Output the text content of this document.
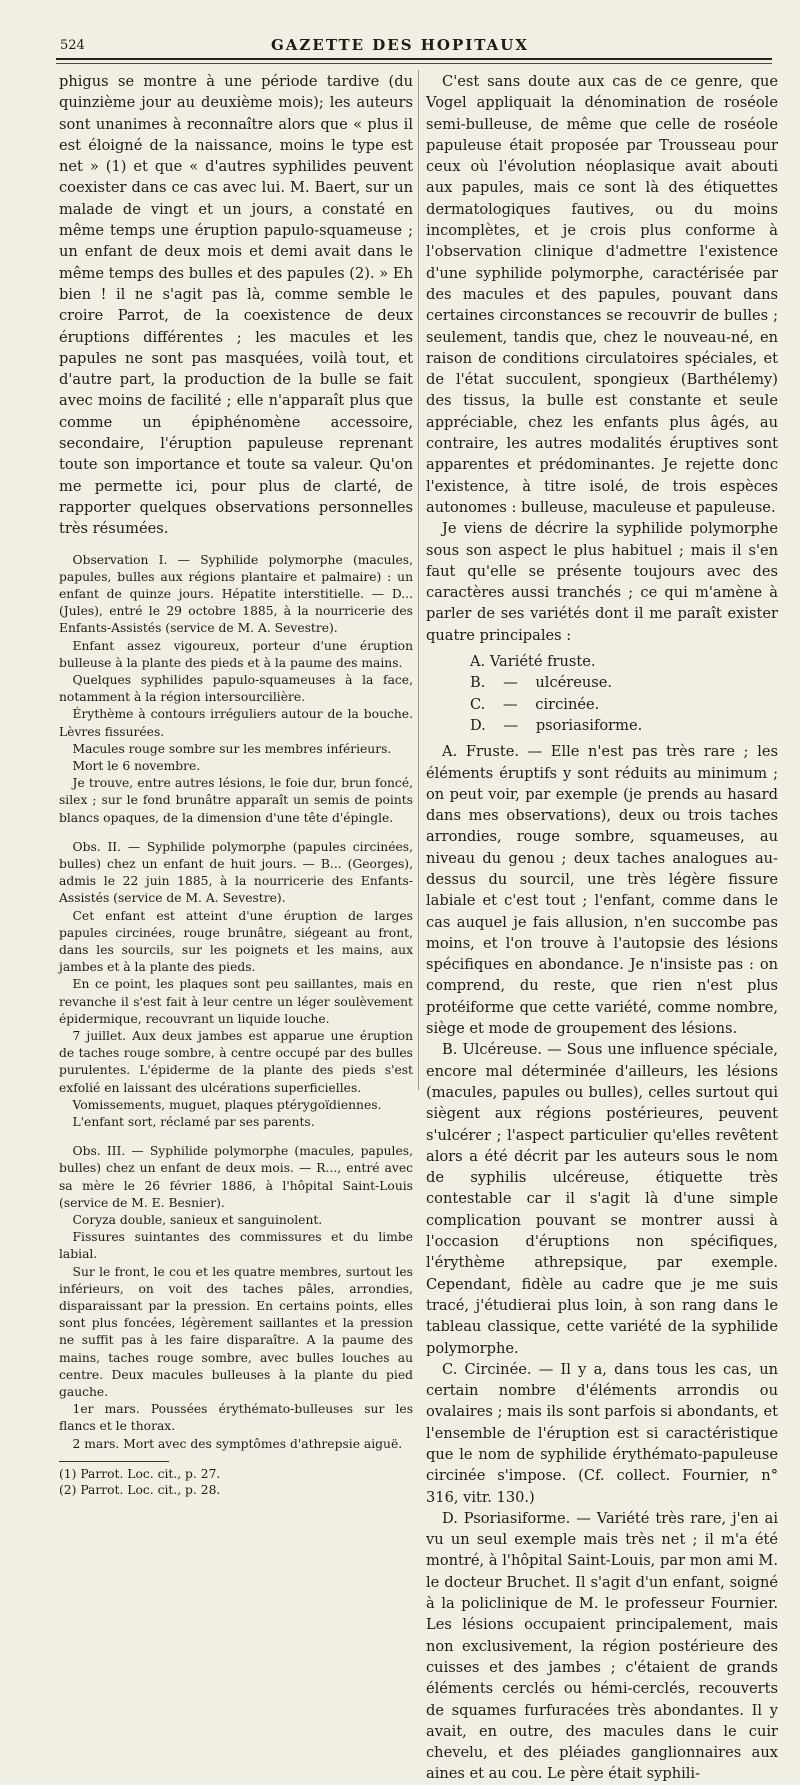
524	GAZETTE DES HOPITAUX

phigus se montre à une période tardive (du quinzième jour au deuxième mois); les auteurs sont unanimes à reconnaître alors que « plus il est éloigné de la naissance, moins le type est net » (1) et que « d'autres syphilides peuvent coexister dans ce cas avec lui. M. Baert, sur un malade de vingt et un jours, a constaté en même temps une éruption papulo-squameuse ; un enfant de deux mois et demi avait dans le même temps des bulles et des papules (2). » Eh bien ! il ne s'agit pas là, comme semble le croire Parrot, de la coexistence de deux éruptions différentes ; les macules et les papules ne sont pas masquées, voilà tout, et d'autre part, la production de la bulle se fait avec moins de facilité ; elle n'apparaît plus que comme un épiphénomène accessoire, secondaire, l'éruption papuleuse reprenant toute son importance et toute sa valeur. Qu'on me permette ici, pour plus de clarté, de rapporter quelques observations personnelles très résumées.

Observation I. — Syphilide polymorphe (macules, papules, bulles aux régions plantaire et palmaire) : un enfant de quinze jours. Hépatite interstitielle. — D... (Jules), entré le 29 octobre 1885, à la nourricerie des Enfants-Assistés (service de M. A. Sevestre).

Enfant assez vigoureux, porteur d'une éruption bulleuse à la plante des pieds et à la paume des mains.

Quelques syphilides papulo-squameuses à la face, notamment à la région intersourcilière.

Érythème à contours irréguliers autour de la bouche. Lèvres fissurées.

Macules rouge sombre sur les membres inférieurs.

Mort le 6 novembre.

Je trouve, entre autres lésions, le foie dur, brun foncé, silex ; sur le fond brunâtre apparaît un semis de points blancs opaques, de la dimension d'une tête d'épingle.

Obs. II. — Syphilide polymorphe (papules circinées, bulles) chez un enfant de huit jours. — B... (Georges), admis le 22 juin 1885, à la nourricerie des Enfants-Assistés (service de M. A. Sevestre).

Cet enfant est atteint d'une éruption de larges papules circinées, rouge brunâtre, siégeant au front, dans les sourcils, sur les poignets et les mains, aux jambes et à la plante des pieds.

En ce point, les plaques sont peu saillantes, mais en revanche il s'est fait à leur centre un léger soulèvement épidermique, recouvrant un liquide louche.

7 juillet. Aux deux jambes est apparue une éruption de taches rouge sombre, à centre occupé par des bulles purulentes. L'épiderme de la plante des pieds s'est exfolié en laissant des ulcérations superficielles.

Vomissements, muguet, plaques ptérygoïdiennes.

L'enfant sort, réclamé par ses parents.

Obs. III. — Syphilide polymorphe (macules, papules, bulles) chez un enfant de deux mois. — R..., entré avec sa mère le 26 février 1886, à l'hôpital Saint-Louis (service de M. E. Besnier).

Coryza double, sanieux et sanguinolent.

Fissures suintantes des commissures et du limbe labial.

Sur le front, le cou et les quatre membres, surtout les inférieurs, on voit des taches pâles, arrondies, disparaissant par la pression. En certains points, elles sont plus foncées, légèrement saillantes et la pression ne suffit pas à les faire disparaître. A la paume des mains, taches rouge sombre, avec bulles louches au centre. Deux macules bulleuses à la plante du pied gauche.

1er mars. Poussées érythémato-bulleuses sur les flancs et le thorax.

2 mars. Mort avec des symptômes d'athrepsie aiguë.

(1) Parrot. Loc. cit., p. 27.

(2) Parrot. Loc. cit., p. 28.

C'est sans doute aux cas de ce genre, que Vogel appliquait la dénomination de roséole semi-bulleuse, de même que celle de roséole papuleuse était proposée par Trousseau pour ceux où l'évolution néoplasique avait abouti aux papules, mais ce sont là des étiquettes dermatologiques fautives, ou du moins incomplètes, et je crois plus conforme à l'observation clinique d'admettre l'existence d'une syphilide polymorphe, caractérisée par des macules et des papules, pouvant dans certaines circonstances se recouvrir de bulles ; seulement, tandis que, chez le nouveau-né, en raison de conditions circulatoires spéciales, et de l'état succulent, spongieux (Barthélemy) des tissus, la bulle est constante et seule appréciable, chez les enfants plus âgés, au contraire, les autres modalités éruptives sont apparentes et prédominantes. Je rejette donc l'existence, à titre isolé, de trois espèces autonomes : bulleuse, maculeuse et papuleuse.

Je viens de décrire la syphilide polymorphe sous son aspect le plus habituel ; mais il s'en faut qu'elle se présente toujours avec des caractères aussi tranchés ; ce qui m'amène à parler de ses variétés dont il me paraît exister quatre principales :

A. Variété fruste.
B. — ulcéreuse.
C. — circinée.
D. — psoriasiforme.

A. Fruste. — Elle n'est pas très rare ; les éléments éruptifs y sont réduits au minimum ; on peut voir, par exemple (je prends au hasard dans mes observations), deux ou trois taches arrondies, rouge sombre, squameuses, au niveau du genou ; deux taches analogues au-dessus du sourcil, une très légère fissure labiale et c'est tout ; l'enfant, comme dans le cas auquel je fais allusion, n'en succombe pas moins, et l'on trouve à l'autopsie des lésions spécifiques en abondance. Je n'insiste pas : on comprend, du reste, que rien n'est plus protéiforme que cette variété, comme nombre, siège et mode de groupement des lésions.

B. Ulcéreuse. — Sous une influence spéciale, encore mal déterminée d'ailleurs, les lésions (macules, papules ou bulles), celles surtout qui siègent aux régions postérieures, peuvent s'ulcérer ; l'aspect particulier qu'elles revêtent alors a été décrit par les auteurs sous le nom de syphilis ulcéreuse, étiquette très contestable car il s'agit là d'une simple complication pouvant se montrer aussi à l'occasion d'éruptions non spécifiques, l'érythème athrepsique, par exemple. Cependant, fidèle au cadre que je me suis tracé, j'étudierai plus loin, à son rang dans le tableau classique, cette variété de la syphilide polymorphe.

C. Circinée. — Il y a, dans tous les cas, un certain nombre d'éléments arrondis ou ovalaires ; mais ils sont parfois si abondants, et l'ensemble de l'éruption est si caractéristique que le nom de syphilide érythémato-papuleuse circinée s'impose. (Cf. collect. Fournier, n° 316, vitr. 130.)

D. Psoriasiforme. — Variété très rare, j'en ai vu un seul exemple mais très net ; il m'a été montré, à l'hôpital Saint-Louis, par mon ami M. le docteur Bruchet. Il s'agit d'un enfant, soigné à la policlinique de M. le professeur Fournier. Les lésions occupaient principalement, mais non exclusivement, la région postérieure des cuisses et des jambes ; c'étaient de grands éléments cerclés ou hémi-cerclés, recouverts de squames furfuracées très abondantes. Il y avait, en outre, des macules dans le cuir chevelu, et des pléiades ganglionnaires aux aines et au cou. Le père était syphili-
